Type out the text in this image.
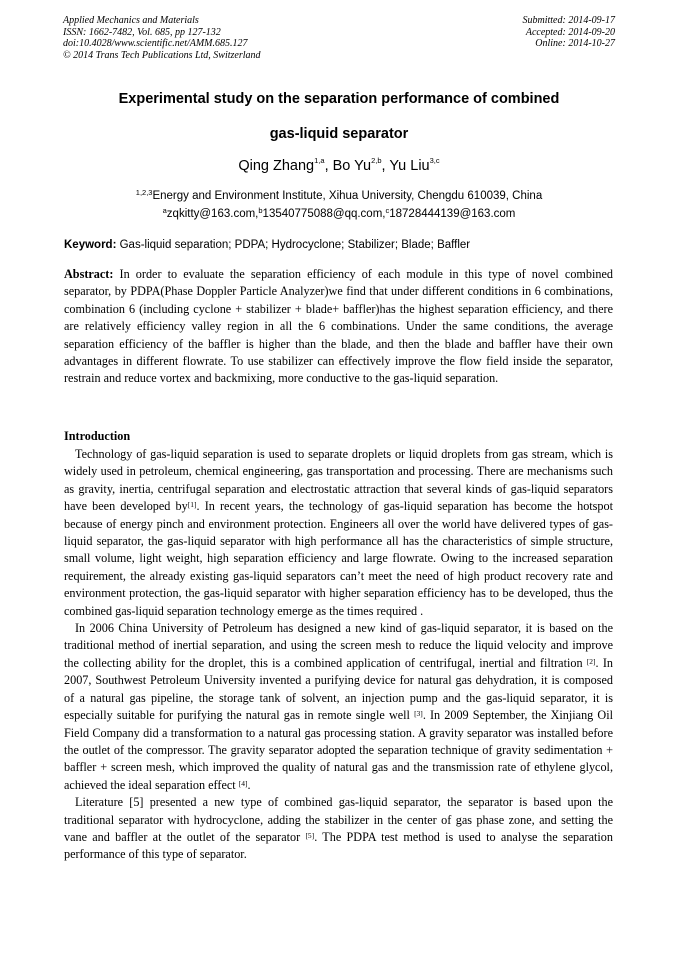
Applied Mechanics and Materials
ISSN: 1662-7482, Vol. 685, pp 127-132
doi:10.4028/www.scientific.net/AMM.685.127
© 2014 Trans Tech Publications Ltd, Switzerland
Submitted: 2014-09-17
Accepted: 2014-09-20
Online: 2014-10-27
Experimental study on the separation performance of combined
gas-liquid separator
Qing Zhang$^{1,a}$, Bo Yu$^{2,b}$, Yu Liu$^{3,c}$
$^{1,2,3}$Energy and Environment Institute, Xihua University, Chengdu 610039, China
$^a$zqkitty@163.com,$^b$13540775088@qq.com,$^c$18728444139@163.com
Keyword: Gas-liquid separation; PDPA; Hydrocyclone; Stabilizer; Blade; Baffler

Abstract: In order to evaluate the separation efficiency of each module in this type of novel combined separator, by PDPA(Phase Doppler Particle Analyzer)we find that under different conditions in 6 combinations, combination 6 (including cyclone + stabilizer + blade+ baffler)has the highest separation efficiency, and there are relatively efficiency valley region in all the 6 combinations. Under the same conditions, the average separation efficiency of the baffler is higher than the blade, and then the blade and baffler have their own advantages in different flowrate. To use stabilizer can effectively improve the flow field inside the separator, restrain and reduce vortex and backmixing, more conductive to the gas-liquid separation.

Introduction

Technology of gas-liquid separation is used to separate droplets or liquid droplets from gas stream, which is widely used in petroleum, chemical engineering, gas transportation and processing. There are mechanisms such as gravity, inertia, centrifugal separation and electrostatic attraction that several kinds of gas-liquid separators have been developed by[1]. In recent years, the technology of gas-liquid separation has become the hotspot because of energy pinch and environment protection. Engineers all over the world have delivered types of gas-liquid separator, the gas-liquid separator with high performance all has the characteristics of simple structure, small volume, light weight, high separation efficiency and large flowrate. Owing to the increased separation requirement, the already existing gas-liquid separators can’t meet the need of high product recovery rate and environment protection, the gas-liquid separator with higher separation efficiency has to be developed, thus the combined gas-liquid separation technology emerge as the times required .

In 2006 China University of Petroleum has designed a new kind of gas-liquid separator, it is based on the traditional method of inertial separation, and using the screen mesh to reduce the liquid velocity and improve the collecting ability for the droplet, this is a combined application of centrifugal, inertial and filtration [2]. In 2007, Southwest Petroleum University invented a purifying device for natural gas dehydration, it is composed of a natural gas pipeline, the storage tank of solvent, an injection pump and the gas-liquid separator, it is especially suitable for purifying the natural gas in remote single well [3]. In 2009 September, the Xinjiang Oil Field Company did a transformation to a natural gas processing station. A gravity separator was installed before the outlet of the compressor. The gravity separator adopted the separation technique of gravity sedimentation + baffler + screen mesh, which improved the quality of natural gas and the transmission rate of ethylene glycol, achieved the ideal separation effect [4].

Literature [5] presented a new type of combined gas-liquid separator, the separator is based upon the traditional separator with hydrocyclone, adding the stabilizer in the center of gas phase zone, and setting the vane and baffler at the outlet of the separator [5]. The PDPA test method is used to analyse the separation performance of this type of separator.
